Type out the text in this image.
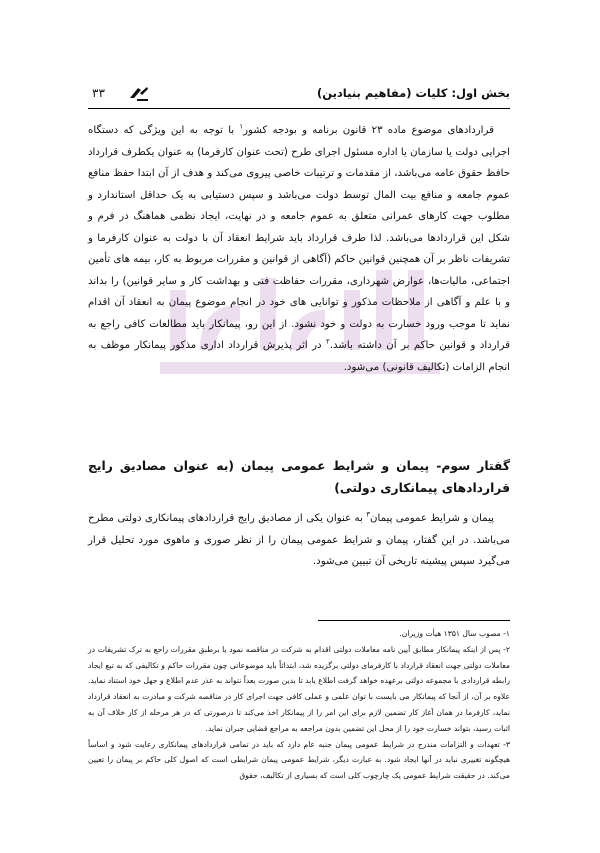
بخش اول: کلیات (مفاهیم بنیادین)
۳۳

قراردادهای موضوع ماده ۲۳ قانون برنامه و بودجه کشور$^۱$ با توجه به این ویژگی که دستگاه اجرایی دولت یا سازمان یا اداره مسئول اجرای طرح (تحت عنوان کارفرما) به عنوان یکطرف قرارداد حافظ حقوق عامه می‌باشد، از مقدمات و ترتیبات خاصی پیروی می‌کند و هدف از آن ابتدا حفظ منافع عموم جامعه و منافع بیت المال توسط دولت می‌باشد و سپس دستیابی به یک حداقل استاندارد و مطلوب جهت کارهای عمرانی متعلق به عموم جامعه و در نهایت، ایجاد نظمی هماهنگ در فرم و شکل این قراردادها می‌باشد. لذا طرف قرارداد باید شرایط انعقاد آن با دولت به عنوان کارفرما و تشریفات ناظر بر آن همچنین قوانین حاکم (آگاهی از قوانین و مقررات مربوط به کار، بیمه های تأمین اجتماعی، مالیات‌ها، عوارض شهرداری، مقررات حفاظت فنی و بهداشت کار و سایر قوانین) را بداند و با علم و آگاهی از ملاحظات مذکور و توانایی های خود در انجام موضوع پیمان به انعقاد آن اقدام نماید تا موجب ورود خسارت به دولت و خود نشود. از این رو، پیمانکار باید مطالعات کافی راجع به قرارداد و قوانین حاکم بر آن داشته باشد.$^۲$ در اثر پذیرش قرارداد اداری مذکور پیمانکار موظف به انجام الزامات (تکالیف قانونی) می‌شود.

گفتار سوم- پیمان و شرایط عمومی پیمان (به عنوان مصادیق رایج قراردادهای پیمانکاری دولتی)

پیمان و شرایط عمومی پیمان$^۳$ به عنوان یکی از مصادیق رایج قراردادهای پیمانکاری دولتی مطرح می‌باشد. در این گفتار، پیمان و شرایط عمومی پیمان را از نظر صوری و ماهوی مورد تحلیل قرار می‌گیرد سپس پیشینه تاریخی آن تبیین می‌شود.

۱- مصوب سال ۱۳۵۱ هیأت وزیران.

۲- پس از اینکه پیمانکار مطابق آیین نامه معاملات دولتی اقدام به شرکت در مناقصه نمود یا برطبق مقررات راجع به ترک تشریفات در معاملات دولتی جهت انعقاد قرارداد با کارفرمای دولتی برگزیده شد، ابتدائاً باید موضوعاتی چون مقررات حاکم و تکالیفی که به تبع ایجاد رابطه قراردادی با مجموعه دولتی برعهده خواهد گرفت اطلاع یابد تا بدین صورت بعداً نتواند به عذر عدم اطلاع و جهل خود استناد نماید. علاوه بر آن، از آنجا که پیمانکار می بایست با توان علمی و عملی کافی جهت اجرای کار در مناقصه شرکت و مبادرت به انعقاد قرارداد نماید، کارفرما در همان آغاز کار تضمین لازم برای این امر را از پیمانکار اخذ می‌کند تا درصورتی که در هر مرحله از کار خلاف آن به اثبات رسید، بتواند خسارت خود را از محل این تضمین بدون مراجعه به مراجع قضایی جبران نماید.

۳- تعهدات و التزامات مندرج در شرایط عمومی پیمان جنبه عام دارد که باید در تمامی قراردادهای پیمانکاری رعایت شود و اساساً هیچگونه تغییری نباید در آنها ایجاد شود. به عبارت دیگر، شرایط عمومی پیمان شرایطی است که اصول کلی حاکم بر پیمان را تعیین می‌کند. در حقیقت شرایط عمومی یک چارچوب کلی است که بسیاری از تکالیف، حقوق
